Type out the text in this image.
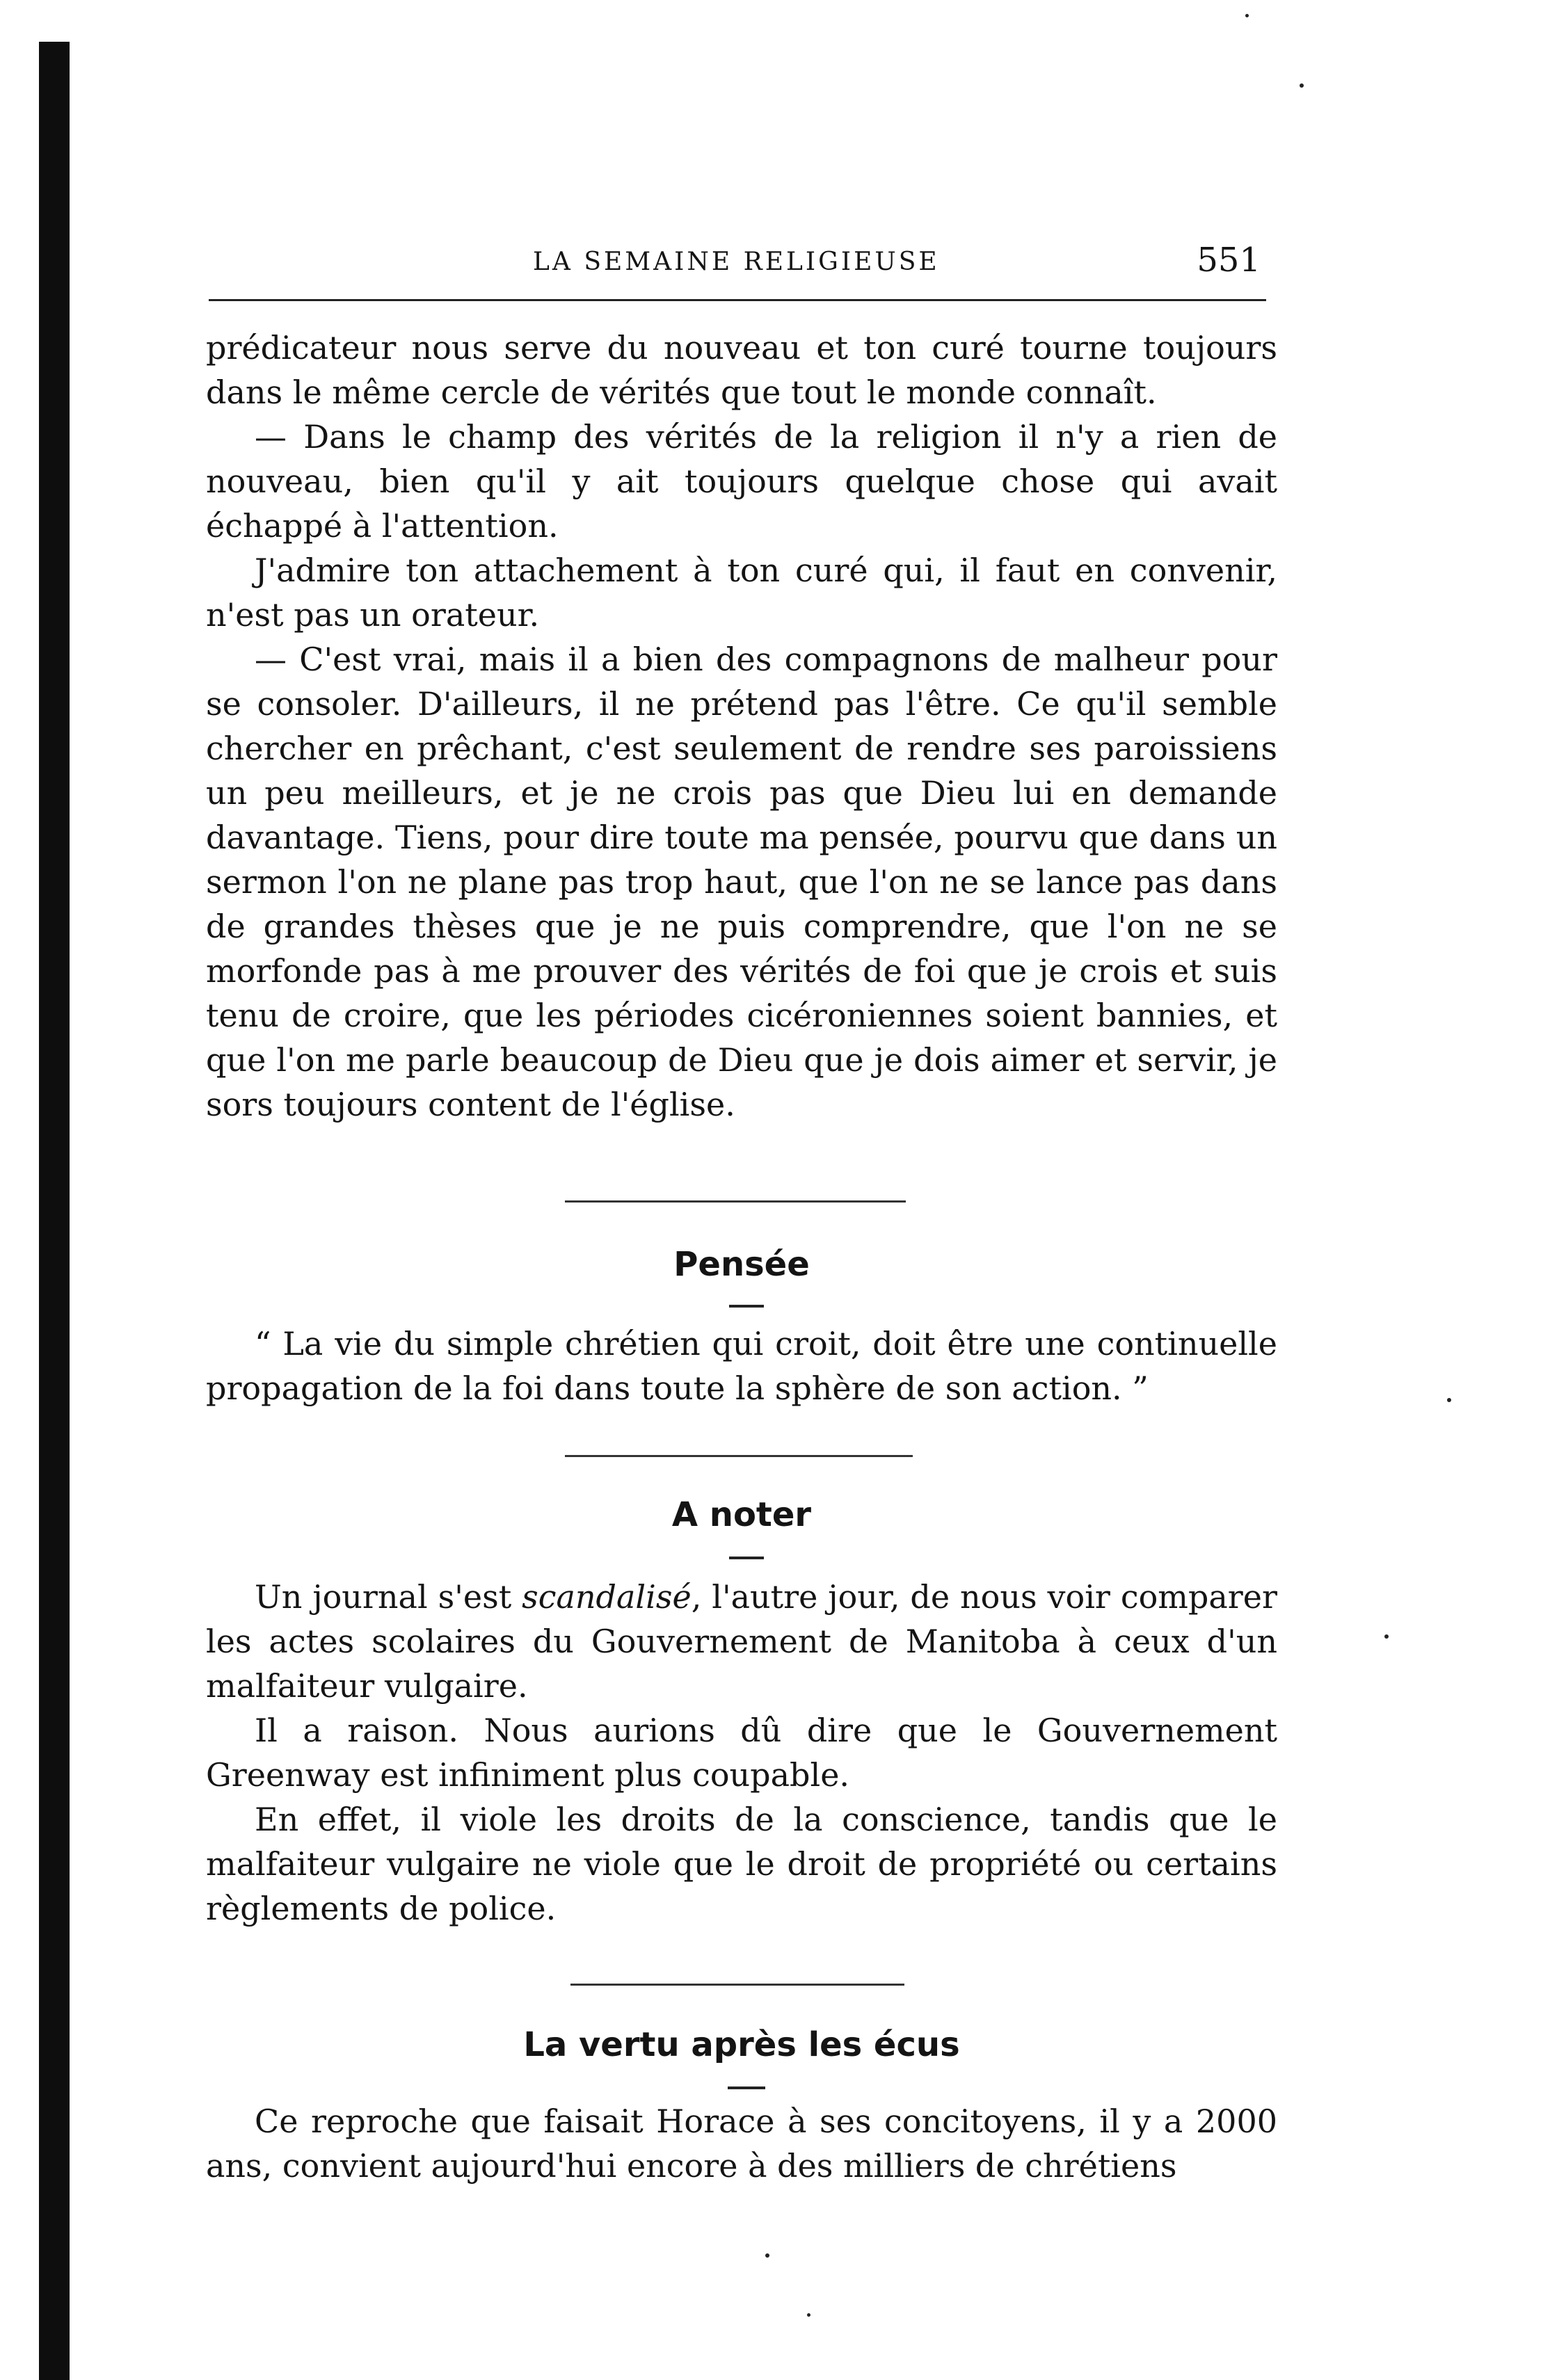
LA SEMAINE RELIGIEUSE	551

prédicateur nous serve du nouveau et ton curé tourne toujours dans le même cercle de vérités que tout le monde connaît.

— Dans le champ des vérités de la religion il n'y a rien de nouveau, bien qu'il y ait toujours quelque chose qui avait échappé à l'attention.

J'admire ton attachement à ton curé qui, il faut en convenir, n'est pas un orateur.

— C'est vrai, mais il a bien des compagnons de malheur pour se consoler. D'ailleurs, il ne prétend pas l'être. Ce qu'il semble chercher en prêchant, c'est seulement de rendre ses paroissiens un peu meilleurs, et je ne crois pas que Dieu lui en demande davantage. Tiens, pour dire toute ma pensée, pourvu que dans un sermon l'on ne plane pas trop haut, que l'on ne se lance pas dans de grandes thèses que je ne puis comprendre, que l'on ne se morfonde pas à me prouver des vérités de foi que je crois et suis tenu de croire, que les périodes cicéroniennes soient bannies, et que l'on me parle beaucoup de Dieu que je dois aimer et servir, je sors toujours content de l'église.

Pensée

“ La vie du simple chrétien qui croit, doit être une continuelle propagation de la foi dans toute la sphère de son action. ”

A noter

Un journal s'est scandalisé, l'autre jour, de nous voir comparer les actes scolaires du Gouvernement de Manitoba à ceux d'un malfaiteur vulgaire.

Il a raison. Nous aurions dû dire que le Gouvernement Greenway est infiniment plus coupable.

En effet, il viole les droits de la conscience, tandis que le malfaiteur vulgaire ne viole que le droit de propriété ou certains règlements de police.

La vertu après les écus

Ce reproche que faisait Horace à ses concitoyens, il y a 2000 ans, convient aujourd'hui encore à des milliers de chrétiens
